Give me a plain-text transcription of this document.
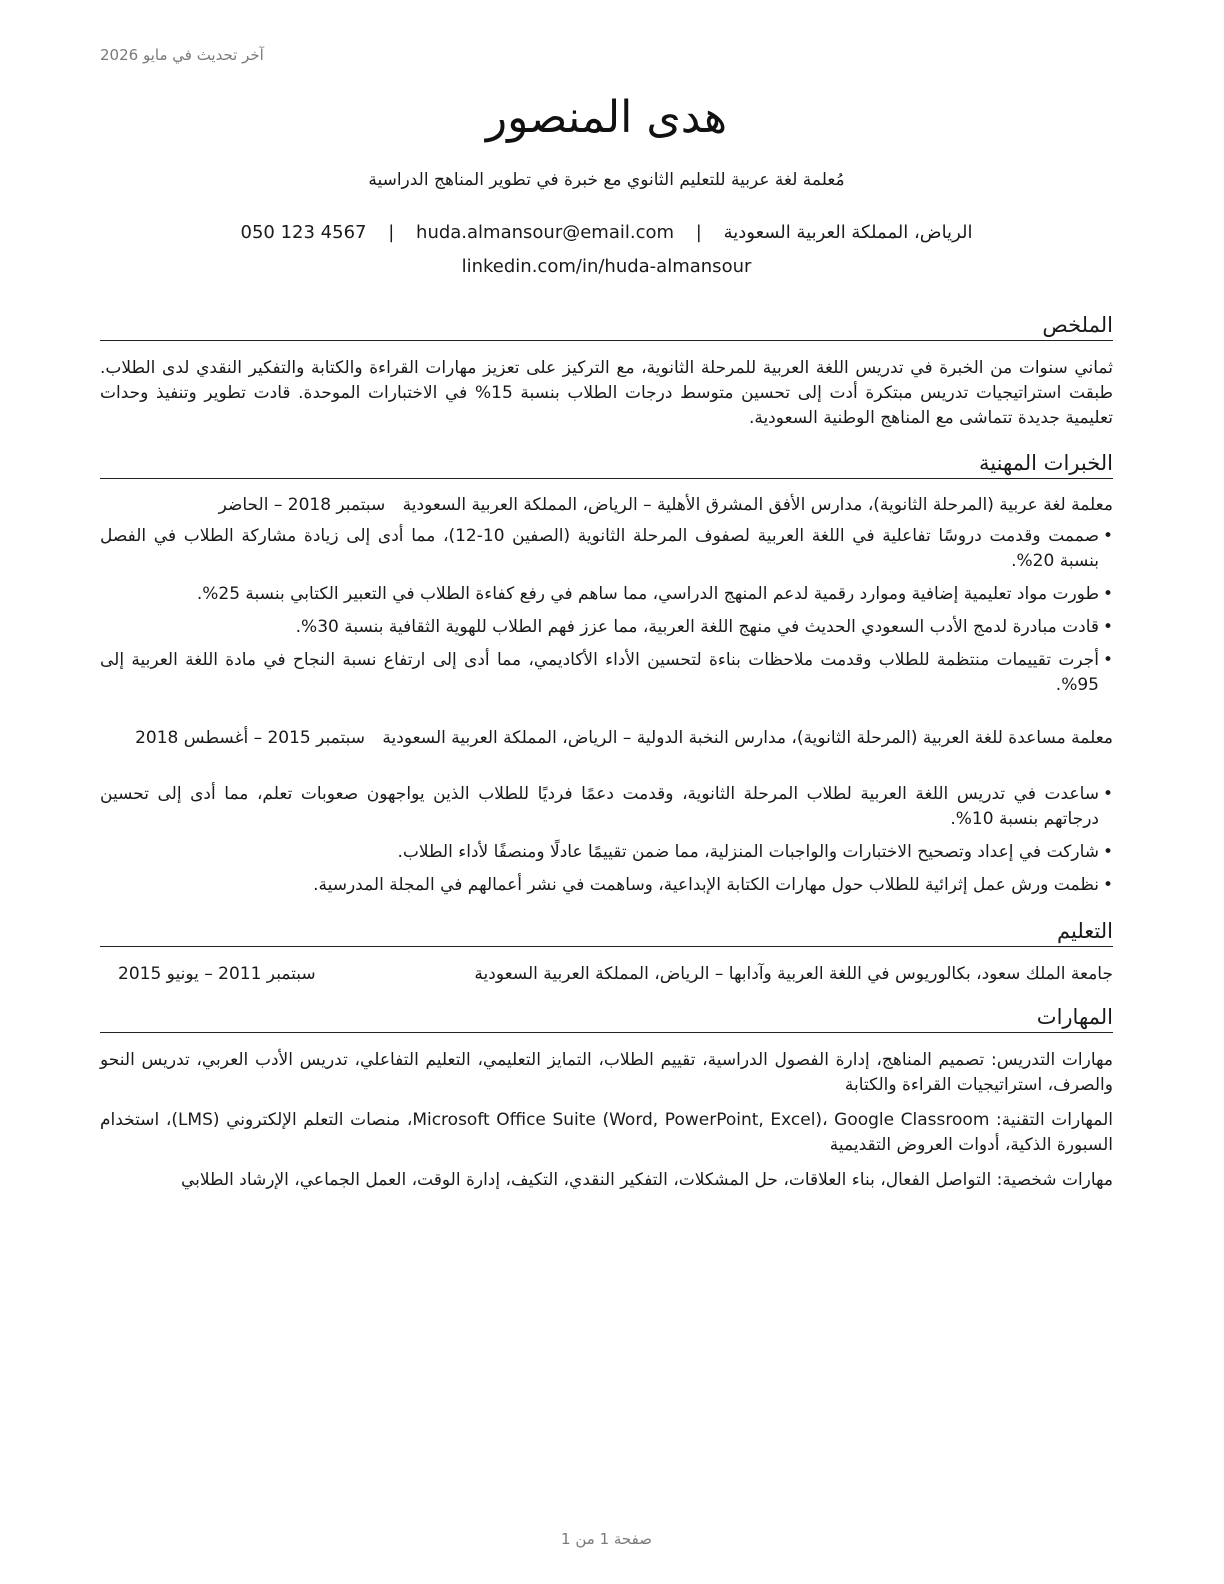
آخر تحديث في مايو 2026
هدى المنصور
مُعلمة لغة عربية للتعليم الثانوي مع خبرة في تطوير المناهج الدراسية
الرياض، المملكة العربية السعودية | huda.almansour@email.com | 050 123 4567
linkedin.com/in/huda-almansour
الملخص
ثماني سنوات من الخبرة في تدريس اللغة العربية للمرحلة الثانوية، مع التركيز على تعزيز مهارات القراءة والكتابة والتفكير النقدي لدى الطلاب. طبقت استراتيجيات تدريس مبتكرة أدت إلى تحسين متوسط درجات الطلاب بنسبة 15% في الاختبارات الموحدة. قادت تطوير وتنفيذ وحدات تعليمية جديدة تتماشى مع المناهج الوطنية السعودية.
الخبرات المهنية
معلمة لغة عربية (المرحلة الثانوية)، مدارس الأفق المشرق الأهلية – الرياض، المملكة العربية السعودية سبتمبر 2018 – الحاضر
• صممت وقدمت دروسًا تفاعلية في اللغة العربية لصفوف المرحلة الثانوية (الصفين 10-12)، مما أدى إلى زيادة مشاركة الطلاب في الفصل بنسبة 20%.
• طورت مواد تعليمية إضافية وموارد رقمية لدعم المنهج الدراسي، مما ساهم في رفع كفاءة الطلاب في التعبير الكتابي بنسبة 25%.
• قادت مبادرة لدمج الأدب السعودي الحديث في منهج اللغة العربية، مما عزز فهم الطلاب للهوية الثقافية بنسبة 30%.
• أجرت تقييمات منتظمة للطلاب وقدمت ملاحظات بناءة لتحسين الأداء الأكاديمي، مما أدى إلى ارتفاع نسبة النجاح في مادة اللغة العربية إلى 95%.
معلمة مساعدة للغة العربية (المرحلة الثانوية)، مدارس النخبة الدولية – الرياض، المملكة العربية السعودية سبتمبر 2015 – أغسطس 2018
• ساعدت في تدريس اللغة العربية لطلاب المرحلة الثانوية، وقدمت دعمًا فرديًا للطلاب الذين يواجهون صعوبات تعلم، مما أدى إلى تحسين درجاتهم بنسبة 10%.
• شاركت في إعداد وتصحيح الاختبارات والواجبات المنزلية، مما ضمن تقييمًا عادلًا ومنصفًا لأداء الطلاب.
• نظمت ورش عمل إثرائية للطلاب حول مهارات الكتابة الإبداعية، وساهمت في نشر أعمالهم في المجلة المدرسية.
التعليم
جامعة الملك سعود، بكالوريوس في اللغة العربية وآدابها – الرياض، المملكة العربية السعودية
سبتمبر 2011 – يونيو 2015
المهارات

مهارات التدريس: تصميم المناهج، إدارة الفصول الدراسية، تقييم الطلاب، التمايز التعليمي، التعليم التفاعلي، تدريس الأدب العربي، تدريس النحو والصرف، استراتيجيات القراءة والكتابة

المهارات التقنية: Microsoft Office Suite (Word, PowerPoint, Excel)، Google Classroom، منصات التعلم الإلكتروني (LMS)، استخدام السبورة الذكية، أدوات العروض التقديمية

مهارات شخصية: التواصل الفعال، بناء العلاقات، حل المشكلات، التفكير النقدي، التكيف، إدارة الوقت، العمل الجماعي، الإرشاد الطلابي

صفحة 1 من 1
